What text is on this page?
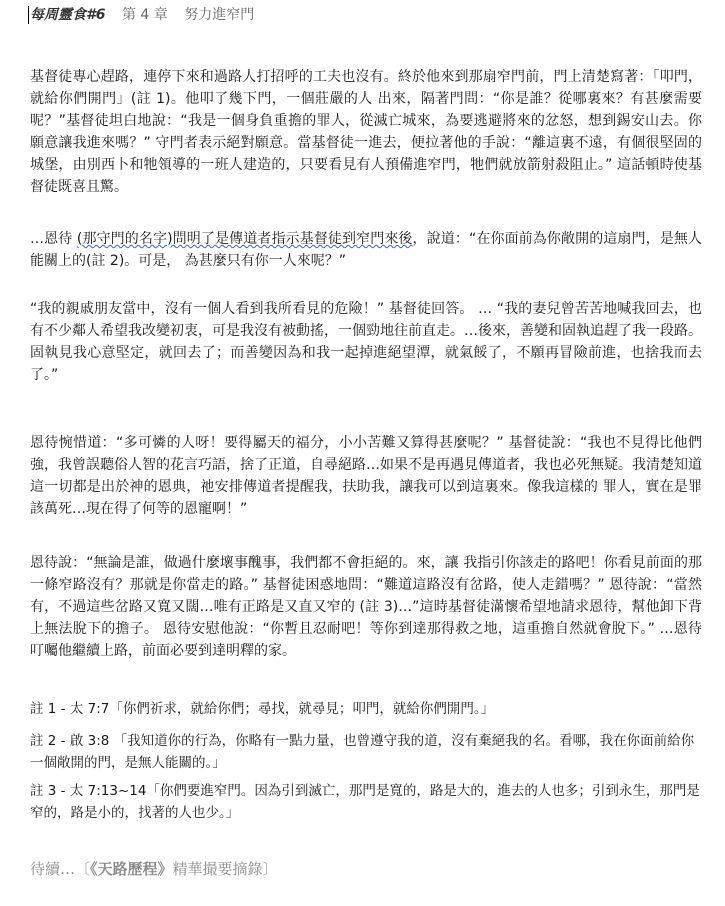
每周靈食#6 第 4 章 努力進窄門
基督徒專心趕路，連停下來和過路人打招呼的工夫也沒有。終於他來到那扇窄門前，門上清楚寫著：「叩門，就給你們開門」(註 1)。他叩了幾下門，一個莊嚴的人 出來，隔著門問：“你是誰？從哪裏來？有甚麼需要呢？”基督徒坦白地說：“我是一個身負重擔的罪人，從滅亡城來，為要逃避將來的忿怒，想到錫安山去。你願意讓我進來嗎？” 守門者表示絕對願意。當基督徒一進去，便拉著他的手說：“離這裏不遠，有個很堅固的城堡，由別西卜和牠領導的一班人建造的，只要看見有人預備進窄門，牠們就放箭射殺阻止。” 這話頓時使基督徒既喜且驚。
…恩待 (那守門的名字)問明了是傳道者指示基督徒到窄門來後，說道：“在你面前為你敞開的這扇門，是無人能關上的(註 2)。可是， 為甚麼只有你一人來呢？”
“我的親戚朋友當中，沒有一個人看到我所看見的危險！” 基督徒回答。 … “我的妻兒曾苦苦地喊我回去，也有不少鄰人希望我改變初衷，可是我沒有被動搖，一個勁地往前直走。…後來，善變和固執追趕了我一段路。固執見我心意堅定，就回去了；而善變因為和我一起掉進絕望潭，就氣餒了，不願再冒險前進，也捨我而去了。”
恩待惋惜道：“多可憐的人呀！要得屬天的福分，小小苦難又算得甚麼呢？” 基督徒說：“我也不見得比他們強，我曾誤聽俗人智的花言巧語，捨了正道，自尋絕路…如果不是再遇見傳道者，我也必死無疑。我清楚知道這一切都是出於神的恩典，祂安排傳道者提醒我，扶助我，讓我可以到這裏來。像我這樣的 罪人，實在是罪該萬死…現在得了何等的恩寵啊！”
恩待說：“無論是誰，做過什麼壞事醜事，我們都不會拒絕的。來，讓 我指引你該走的路吧！你看見前面的那一條窄路沒有？那就是你當走的路。” 基督徒困惑地問：“難道這路沒有岔路，使人走錯嗎？” 恩待說：“當然有，不過這些岔路又寬又闊…唯有正路是又直又窄的 (註 3)…”這時基督徒滿懷希望地請求恩待，幫他卸下背上無法脫下的擔子。 恩待安慰他說：“你暫且忍耐吧！等你到達那得救之地，這重擔自然就會脫下。” …恩待叮囑他繼續上路，前面必要到達明釋的家。
註 1 - 太 7:7「你們祈求，就給你們；尋找，就尋見；叩門，就給你們開門。」
註 2 - 啟 3:8 「我知道你的行為，你略有一點力量，也曾遵守我的道，沒有棄絕我的名。看哪，我在你面前給你一個敞開的門，是無人能關的。」
註 3 - 太 7:13~14「你們要進窄門。因為引到滅亡，那門是寬的，路是大的，進去的人也多；引到永生，那門是窄的，路是小的，找著的人也少。」
待續…〔《天路歷程》精華撮要摘錄〕
